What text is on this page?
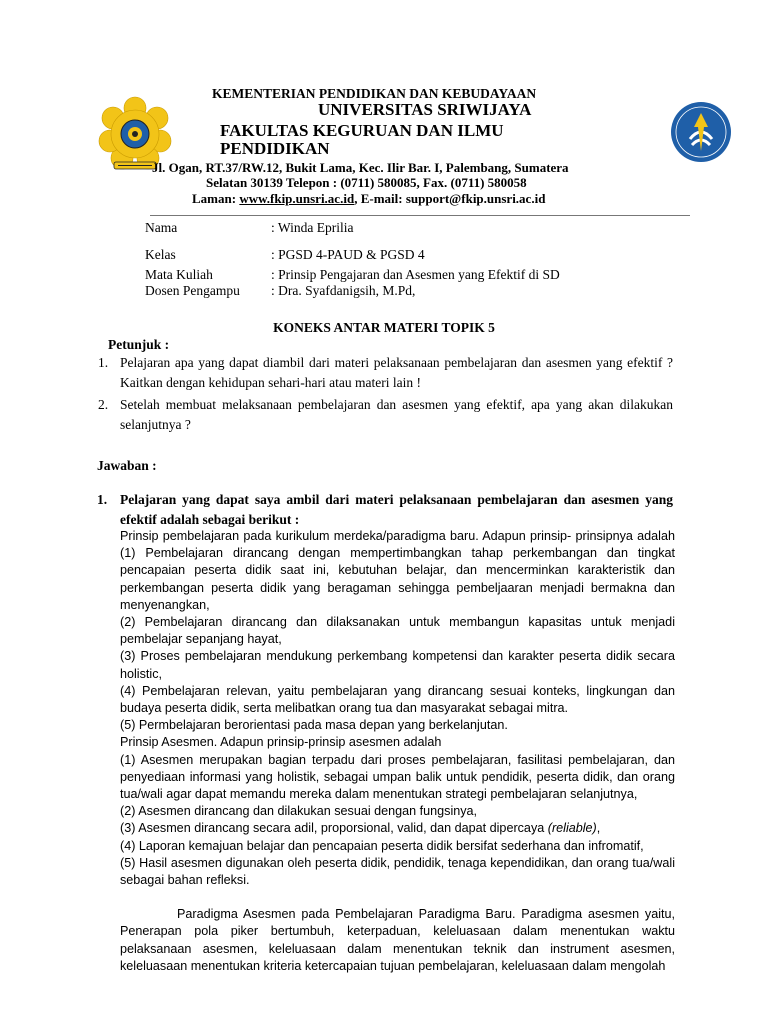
KEMENTERIAN PENDIDIKAN DAN KEBUDAYAAN
UNIVERSITAS SRIWIJAYA
FAKULTAS KEGURUAN DAN ILMU
PENDIDIKAN
Jl. Ogan, RT.37/RW.12, Bukit Lama, Kec. Ilir Bar. I, Palembang, Sumatera
Selatan 30139 Telepon : (0711) 580085, Fax. (0711) 580058
Laman: www.fkip.unsri.ac.id, E-mail: support@fkip.unsri.ac.id
Nama	: Winda Eprilia
Kelas	: PGSD 4-PAUD & PGSD 4
Mata Kuliah	: Prinsip Pengajaran dan Asesmen yang Efektif di SD
Dosen Pengampu : Dra. Syafdanigsih, M.Pd,
KONEKS ANTAR MATERI TOPIK 5
Petunjuk :
1. Pelajaran apa yang dapat diambil dari materi pelaksanaan pembelajaran dan asesmen yang efektif ? Kaitkan dengan kehidupan sehari-hari atau materi lain !
2. Setelah membuat melaksanaan pembelajaran dan asesmen yang efektif, apa yang akan dilakukan selanjutnya ?
Jawaban :
1. Pelajaran yang dapat saya ambil dari materi pelaksanaan pembelajaran dan asesmen yang efektif adalah sebagai berikut :

Prinsip pembelajaran pada kurikulum merdeka/paradigma baru. Adapun prinsip- prinsipnya adalah (1) Pembelajaran dirancang dengan mempertimbangkan tahap perkembangan dan tingkat pencapaian peserta didik saat ini, kebutuhan belajar, dan mencerminkan karakteristik dan perkembangan peserta didik yang beragaman sehingga pembeljaaran menjadi bermakna dan menyenangkan,

(2) Pembelajaran dirancang dan dilaksanakan untuk membangun kapasitas untuk menjadi pembelajar sepanjang hayat,

(3) Proses pembelajaran mendukung perkembang kompetensi dan karakter peserta didik secara holistic,

(4) Pembelajaran relevan, yaitu pembelajaran yang dirancang sesuai konteks, lingkungan dan budaya peserta didik, serta melibatkan orang tua dan masyarakat sebagai mitra.

(5) Permbelajaran berorientasi pada masa depan yang berkelanjutan.

Prinsip Asesmen. Adapun prinsip-prinsip asesmen adalah

(1) Asesmen merupakan bagian terpadu dari proses pembelajaran, fasilitasi pembelajaran, dan penyediaan informasi yang holistik, sebagai umpan balik untuk pendidik, peserta didik, dan orang tua/wali agar dapat memandu mereka dalam menentukan strategi pembelajaran selanjutnya,

(2) Asesmen dirancang dan dilakukan sesuai dengan fungsinya,

(3) Asesmen dirancang secara adil, proporsional, valid, dan dapat dipercaya (reliable),

(4) Laporan kemajuan belajar dan pencapaian peserta didik bersifat sederhana dan infromatif,

(5) Hasil asesmen digunakan oleh peserta didik, pendidik, tenaga kependidikan, dan orang tua/wali sebagai bahan refleksi.

Paradigma Asesmen pada Pembelajaran Paradigma Baru. Paradigma asesmen yaitu, Penerapan pola piker bertumbuh, keterpaduan, keleluasaan dalam menentukan waktu pelaksanaan asesmen, keleluasaan dalam menentukan teknik dan instrument asesmen, keleluasaan menentukan kriteria ketercapaian tujuan pembelajaran, keleluasaan dalam mengolah
